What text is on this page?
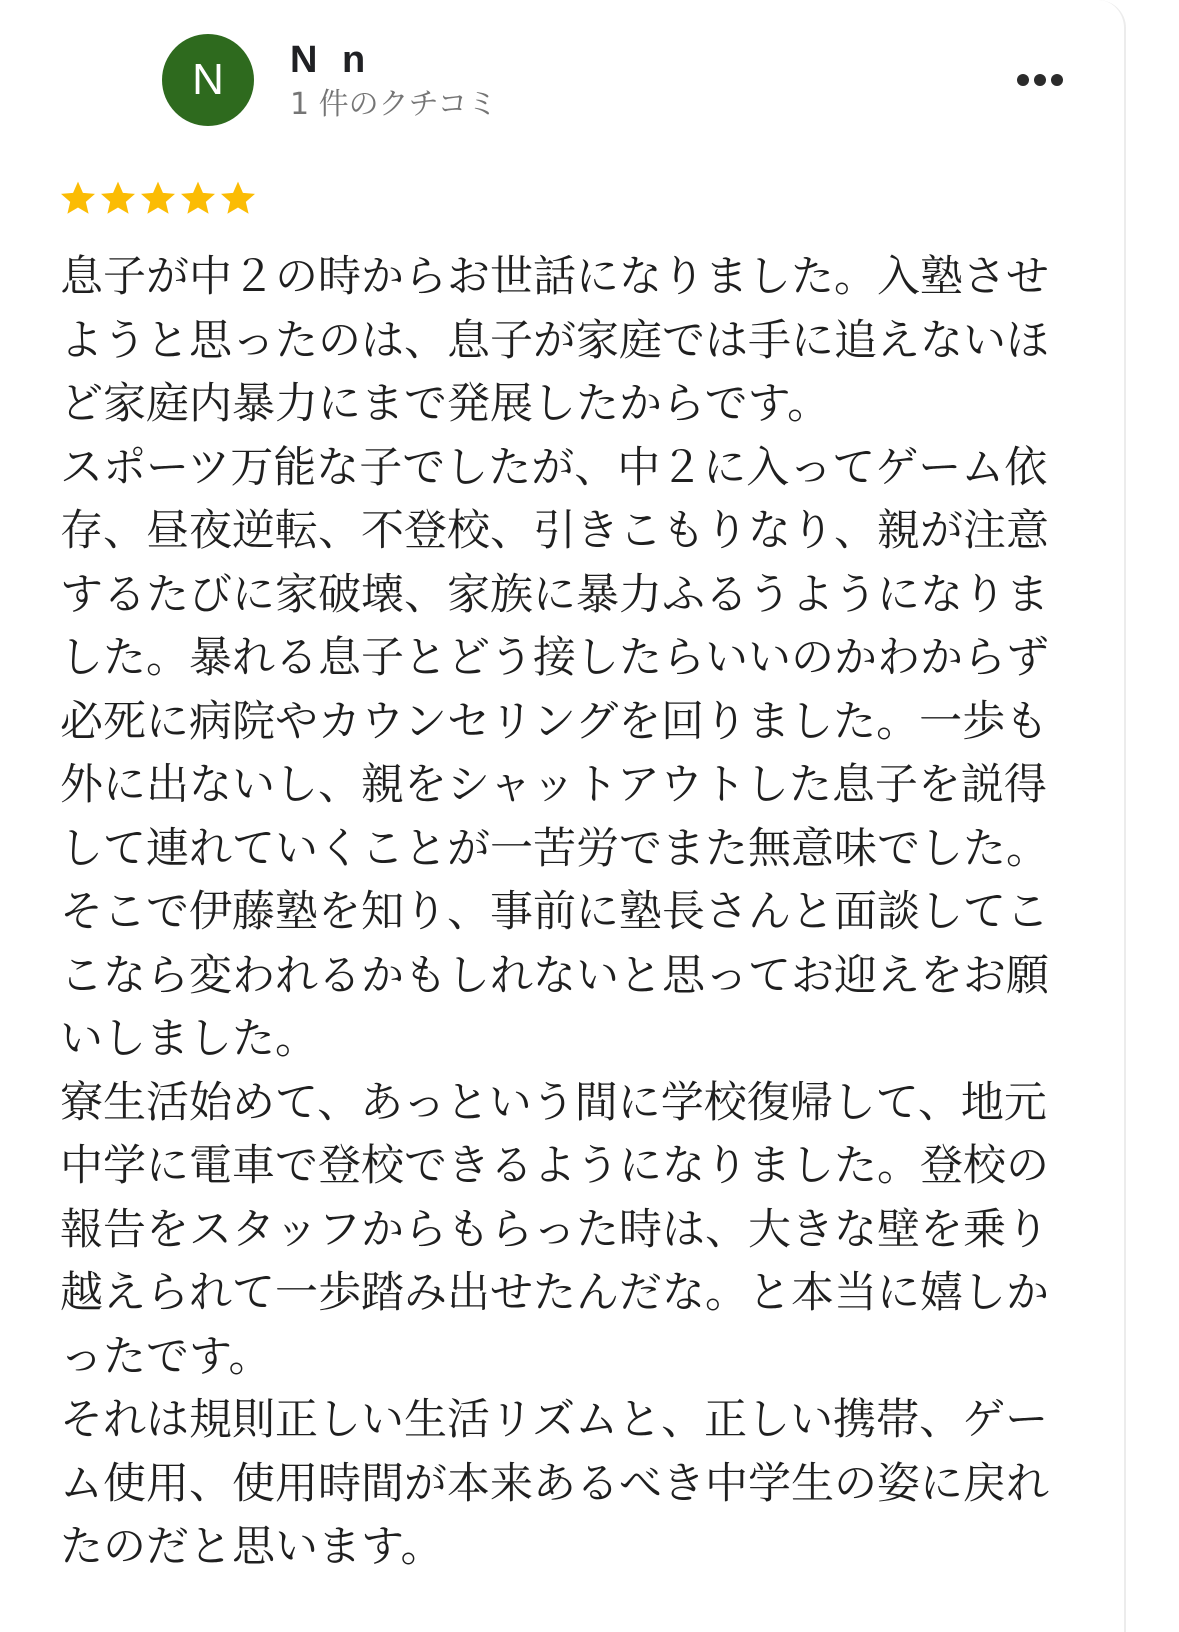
N N n
1 件のクチコミ
息子が中２の時からお世話になりました。入塾させ
ようと思ったのは、息子が家庭では手に追えないほ
ど家庭内暴力にまで発展したからです。
スポーツ万能な子でしたが、中２に入ってゲーム依
存、昼夜逆転、不登校、引きこもりなり、親が注意
するたびに家破壊、家族に暴力ふるうようになりま
した。暴れる息子とどう接したらいいのかわからず
必死に病院やカウンセリングを回りました。一歩も
外に出ないし、親をシャットアウトした息子を説得
して連れていくことが一苦労でまた無意味でした。
そこで伊藤塾を知り、事前に塾長さんと面談してこ
こなら変われるかもしれないと思ってお迎えをお願
いしました。
寮生活始めて、あっという間に学校復帰して、地元
中学に電車で登校できるようになりました。登校の
報告をスタッフからもらった時は、大きな壁を乗り
越えられて一歩踏み出せたんだな。と本当に嬉しか
ったです。
それは規則正しい生活リズムと、正しい携帯、ゲー
ム使用、使用時間が本来あるべき中学生の姿に戻れ
たのだと思います。
